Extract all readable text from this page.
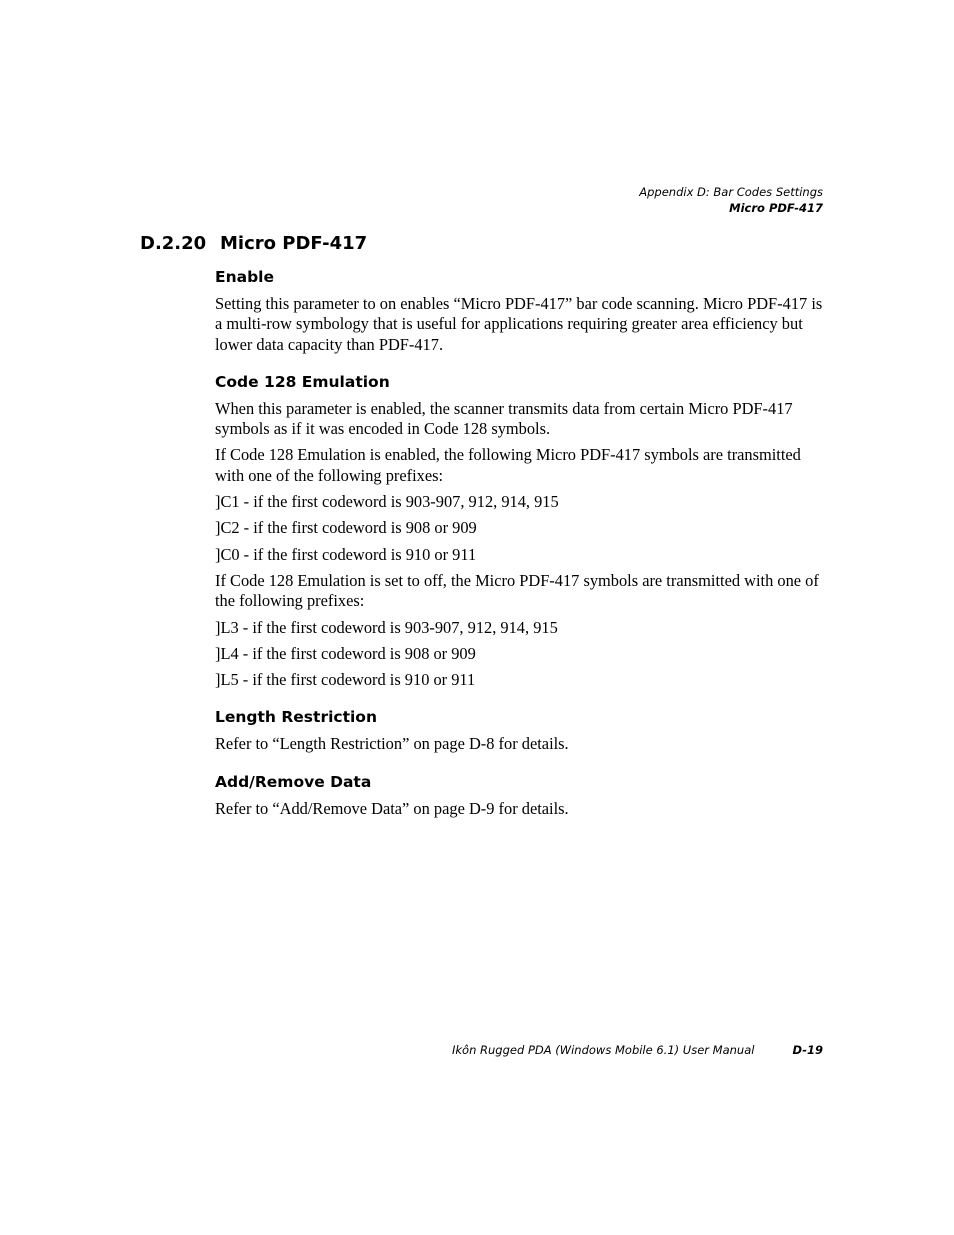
Appendix D: Bar Codes Settings
Micro PDF-417
D.2.20 Micro PDF-417
Enable

Setting this parameter to on enables “Micro PDF-417” bar code scanning. Micro PDF-417 is a multi-row symbology that is useful for applications requiring greater area efficiency but lower data capacity than PDF-417.

Code 128 Emulation

When this parameter is enabled, the scanner transmits data from certain Micro PDF-417 symbols as if it was encoded in Code 128 symbols.

If Code 128 Emulation is enabled, the following Micro PDF-417 symbols are transmitted with one of the following prefixes:

]C1 - if the first codeword is 903-907, 912, 914, 915

]C2 - if the first codeword is 908 or 909

]C0 - if the first codeword is 910 or 911

If Code 128 Emulation is set to off, the Micro PDF-417 symbols are transmitted with one of the following prefixes:

]L3 - if the first codeword is 903-907, 912, 914, 915

]L4 - if the first codeword is 908 or 909

]L5 - if the first codeword is 910 or 911

Length Restriction

Refer to “Length Restriction” on page D-8 for details.

Add/Remove Data

Refer to “Add/Remove Data” on page D-9 for details.

Ikôn Rugged PDA (Windows Mobile 6.1) User Manual	D-19
